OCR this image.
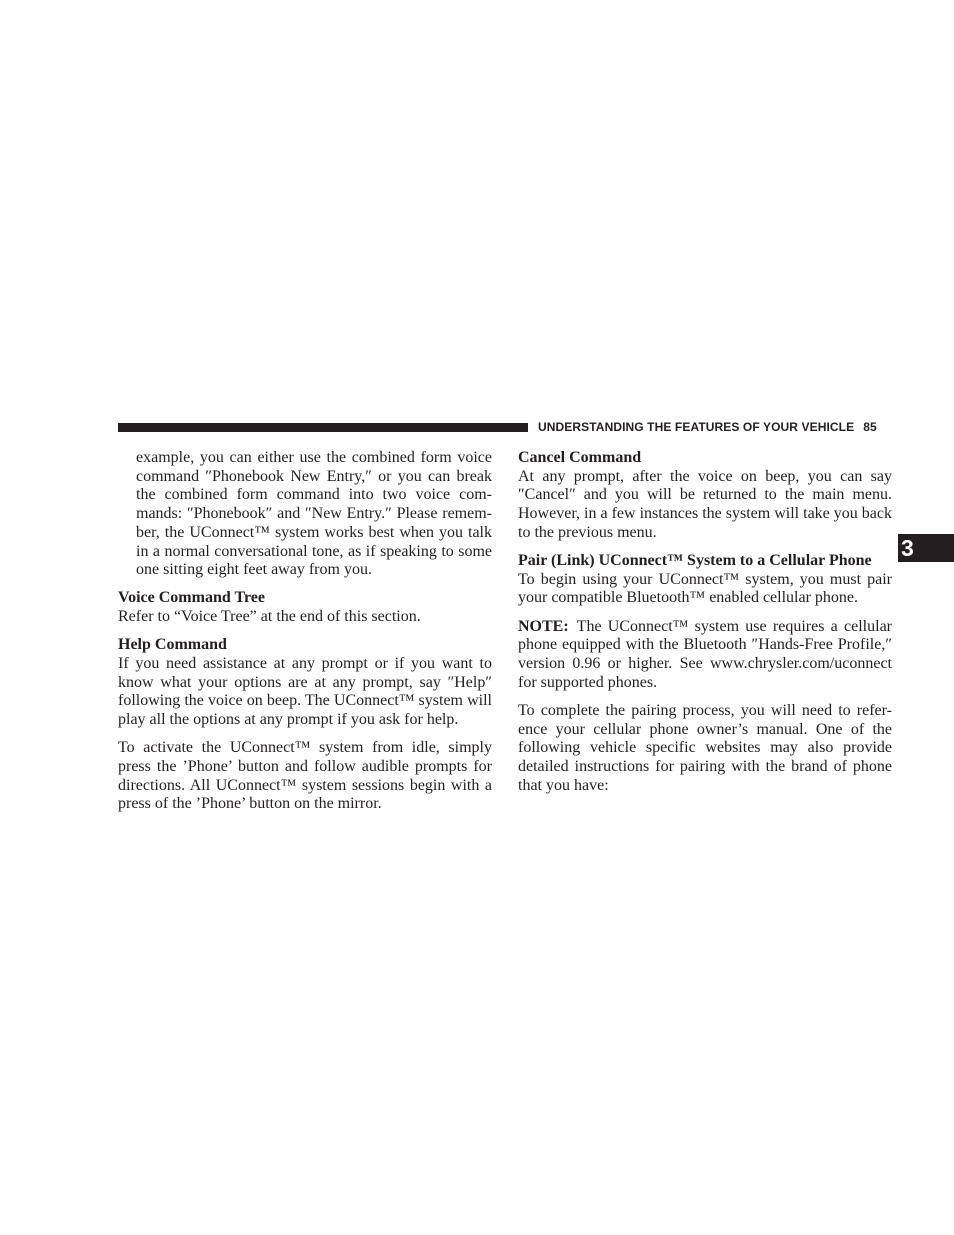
UNDERSTANDING THE FEATURES OF YOUR VEHICLE 85
3

example, you can either use the combined form voice command ″Phonebook New Entry,″ or you can break the combined form command into two voice com-mands: ″Phonebook″ and ″New Entry.″ Please remem-ber, the UConnect™ system works best when you talk in a normal conversational tone, as if speaking to some one sitting eight feet away from you.

Voice Command Tree

Refer to “Voice Tree” at the end of this section.

Help Command

If you need assistance at any prompt or if you want to know what your options are at any prompt, say ″Help″ following the voice on beep. The UConnect™ system will play all the options at any prompt if you ask for help.

To activate the UConnect™ system from idle, simply press the ’Phone’ button and follow audible prompts for directions. All UConnect™ system sessions begin with a press of the ’Phone’ button on the mirror.

Cancel Command

At any prompt, after the voice on beep, you can say ″Cancel″ and you will be returned to the main menu. However, in a few instances the system will take you back to the previous menu.

Pair (Link) UConnect™ System to a Cellular Phone

To begin using your UConnect™ system, you must pair your compatible Bluetooth™ enabled cellular phone.

NOTE: The UConnect™ system use requires a cellular phone equipped with the Bluetooth ″Hands-Free Profile,″ version 0.96 or higher. See www.chrysler.com/uconnect for supported phones.

To complete the pairing process, you will need to refer-ence your cellular phone owner’s manual. One of the following vehicle specific websites may also provide detailed instructions for pairing with the brand of phone that you have:
